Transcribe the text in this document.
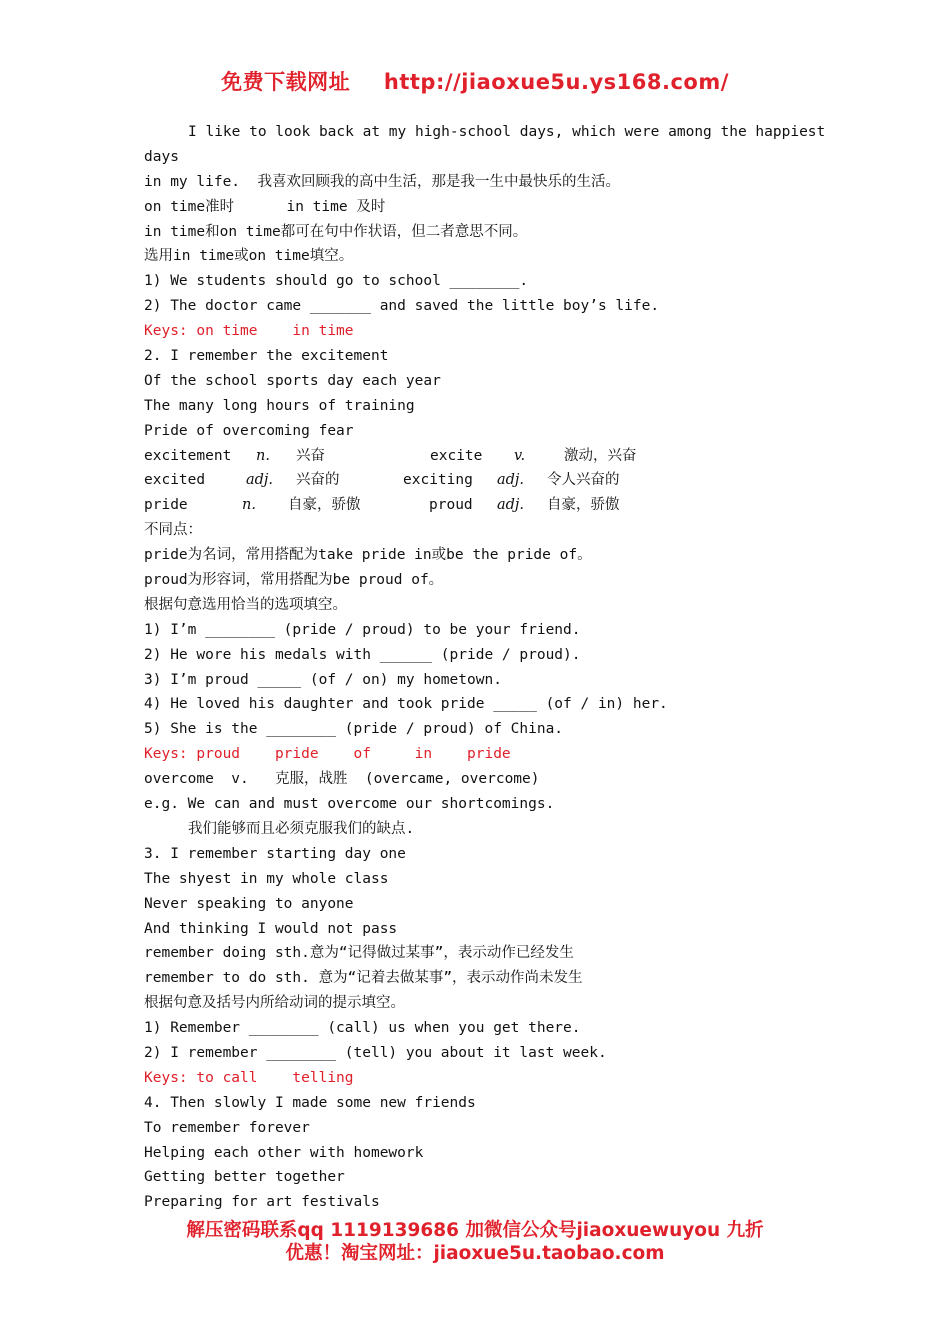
免费下载网址 http://jiaoxue5u.ys168.com/
I like to look back at my high-school days, which were among the happiest
days
in my life.  我喜欢回顾我的高中生活，那是我一生中最快乐的生活。
on time准时      in time 及时
in time和on time都可在句中作状语，但二者意思不同。
选用in time或on time填空。
1) We students should go to school ________.
2) The doctor came _______ and saved the little boy’s life.
Keys: on time    in time
2. I remember the excitement
Of the school sports day each year
The many long hours of training
Pride of overcoming fear
excitement	n.	兴奋	excite	v.	激动，兴奋
excited	adj.	兴奋的	exciting	adj.	令人兴奋的
pride	n.	自豪，骄傲	proud	adj.	自豪，骄傲
不同点：
pride为名词，常用搭配为take pride in或be the pride of。
proud为形容词，常用搭配为be proud of。
根据句意选用恰当的选项填空。
1) I’m ________ (pride / proud) to be your friend.
2) He wore his medals with ______ (pride / proud).
3) I’m proud _____ (of / on) my hometown.
4) He loved his daughter and took pride _____ (of / in) her.
5) She is the ________ (pride / proud) of China.
Keys: proud    pride    of     in    pride
overcome  v.   克服，战胜  (overcame, overcome)
e.g. We can and must overcome our shortcomings.
我们能够而且必须克服我们的缺点.
3. I remember starting day one
The shyest in my whole class
Never speaking to anyone
And thinking I would not pass
remember doing sth.意为“记得做过某事”，表示动作已经发生
remember to do sth. 意为“记着去做某事”，表示动作尚未发生
根据句意及括号内所给动词的提示填空。
1) Remember ________ (call) us when you get there.
2) I remember ________ (tell) you about it last week.
Keys: to call    telling
4. Then slowly I made some new friends
To remember forever
Helping each other with homework
Getting better together
Preparing for art festivals
解压密码联系qq 1119139686 加微信公众号jiaoxuewuyou 九折
优惠！淘宝网址：jiaoxue5u.taobao.com
